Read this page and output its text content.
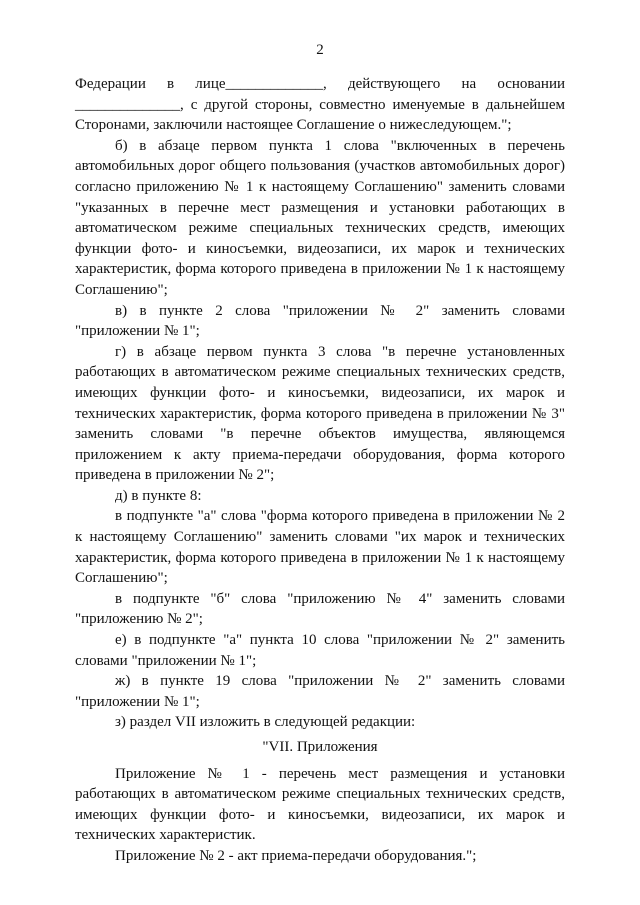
2

Федерации в лице_____________, действующего на основании ______________, с другой стороны, совместно именуемые в дальнейшем Сторонами, заключили настоящее Соглашение о нижеследующем.";

б) в абзаце первом пункта 1 слова "включенных в перечень автомобильных дорог общего пользования (участков автомобильных дорог) согласно приложению № 1 к настоящему Соглашению" заменить словами "указанных в перечне мест размещения и установки работающих в автоматическом режиме специальных технических средств, имеющих функции фото- и киносъемки, видеозаписи, их марок и технических характеристик, форма которого приведена в приложении № 1 к настоящему Соглашению";

в) в пункте 2 слова "приложении № 2" заменить словами "приложении № 1";

г) в абзаце первом пункта 3 слова "в перечне установленных работающих в автоматическом режиме специальных технических средств, имеющих функции фото- и киносъемки, видеозаписи, их марок и технических характеристик, форма которого приведена в приложении № 3" заменить словами "в перечне объектов имущества, являющемся приложением к акту приема-передачи оборудования, форма которого приведена в приложении № 2";

д) в пункте 8:

в подпункте "а" слова "форма которого приведена в приложении № 2 к настоящему Соглашению" заменить словами "их марок и технических характеристик, форма которого приведена в приложении № 1 к настоящему Соглашению";

в подпункте "б" слова "приложению № 4" заменить словами "приложению № 2";

е) в подпункте "а" пункта 10 слова "приложении № 2" заменить словами "приложении № 1";

ж) в пункте 19 слова "приложении № 2" заменить словами "приложении № 1";

з) раздел VII изложить в следующей редакции:

"VII. Приложения

Приложение № 1 - перечень мест размещения и установки работающих в автоматическом режиме специальных технических средств, имеющих функции фото- и киносъемки, видеозаписи, их марок и технических характеристик.

Приложение № 2 - акт приема-передачи оборудования.";
